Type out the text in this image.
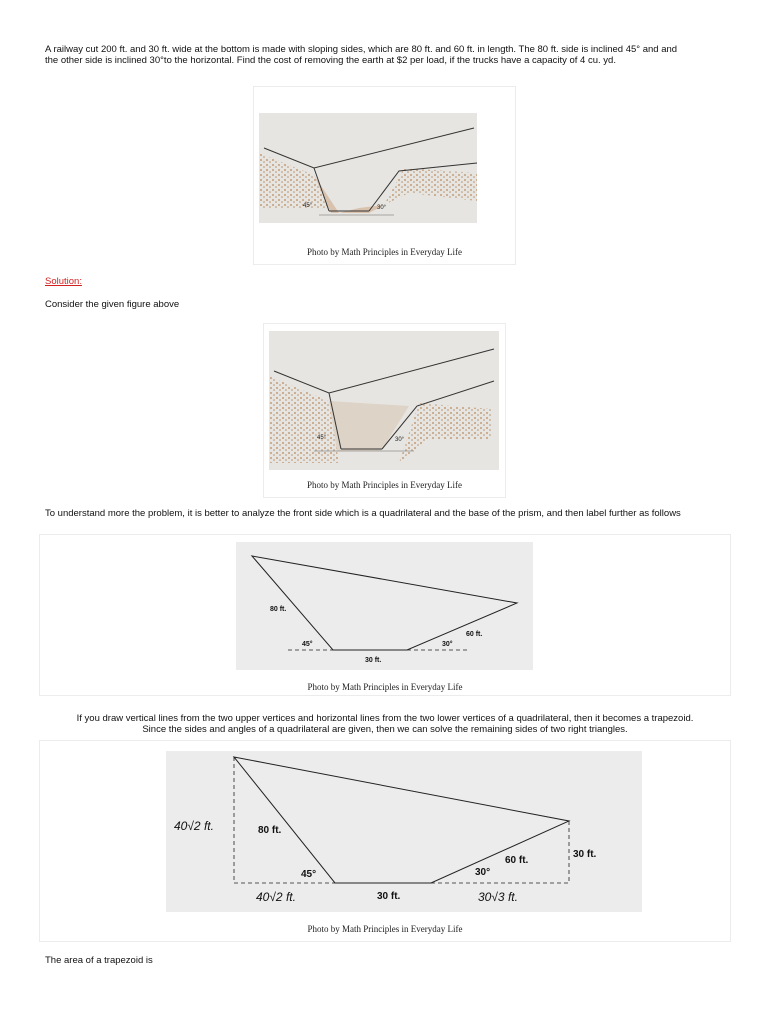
A railway cut 200 ft. and 30 ft. wide at the bottom is made with sloping sides, which are 80 ft. and 60 ft. in length. The 80 ft. side is inclined 45° and and
the other side is inclined 30°to the horizontal. Find the cost of removing the earth at $2 per load, if the trucks have a capacity of 4 cu. yd.

45°	30°
Photo by Math Principles in Everyday Life

Solution:

Consider the given figure above

45°	30°
Photo by Math Principles in Everyday Life

To understand more the problem, it is better to analyze the front side which is a quadrilateral and the base of the prism, and then label further as follows

80 ft.
45°	30°
60 ft.
30 ft.
Photo by Math Principles in Everyday Life

If you draw vertical lines from the two upper vertices and horizontal lines from the two lower vertices of a quadrilateral, then it becomes a trapezoid.
Since the sides and angles of a quadrilateral are given, then we can solve the remaining sides of two right triangles.

40√2 ft.	80 ft.
45°
40√2 ft.	30 ft.
30°
60 ft.
30 ft.
30√3 ft.
Photo by Math Principles in Everyday Life

The area of a trapezoid is
